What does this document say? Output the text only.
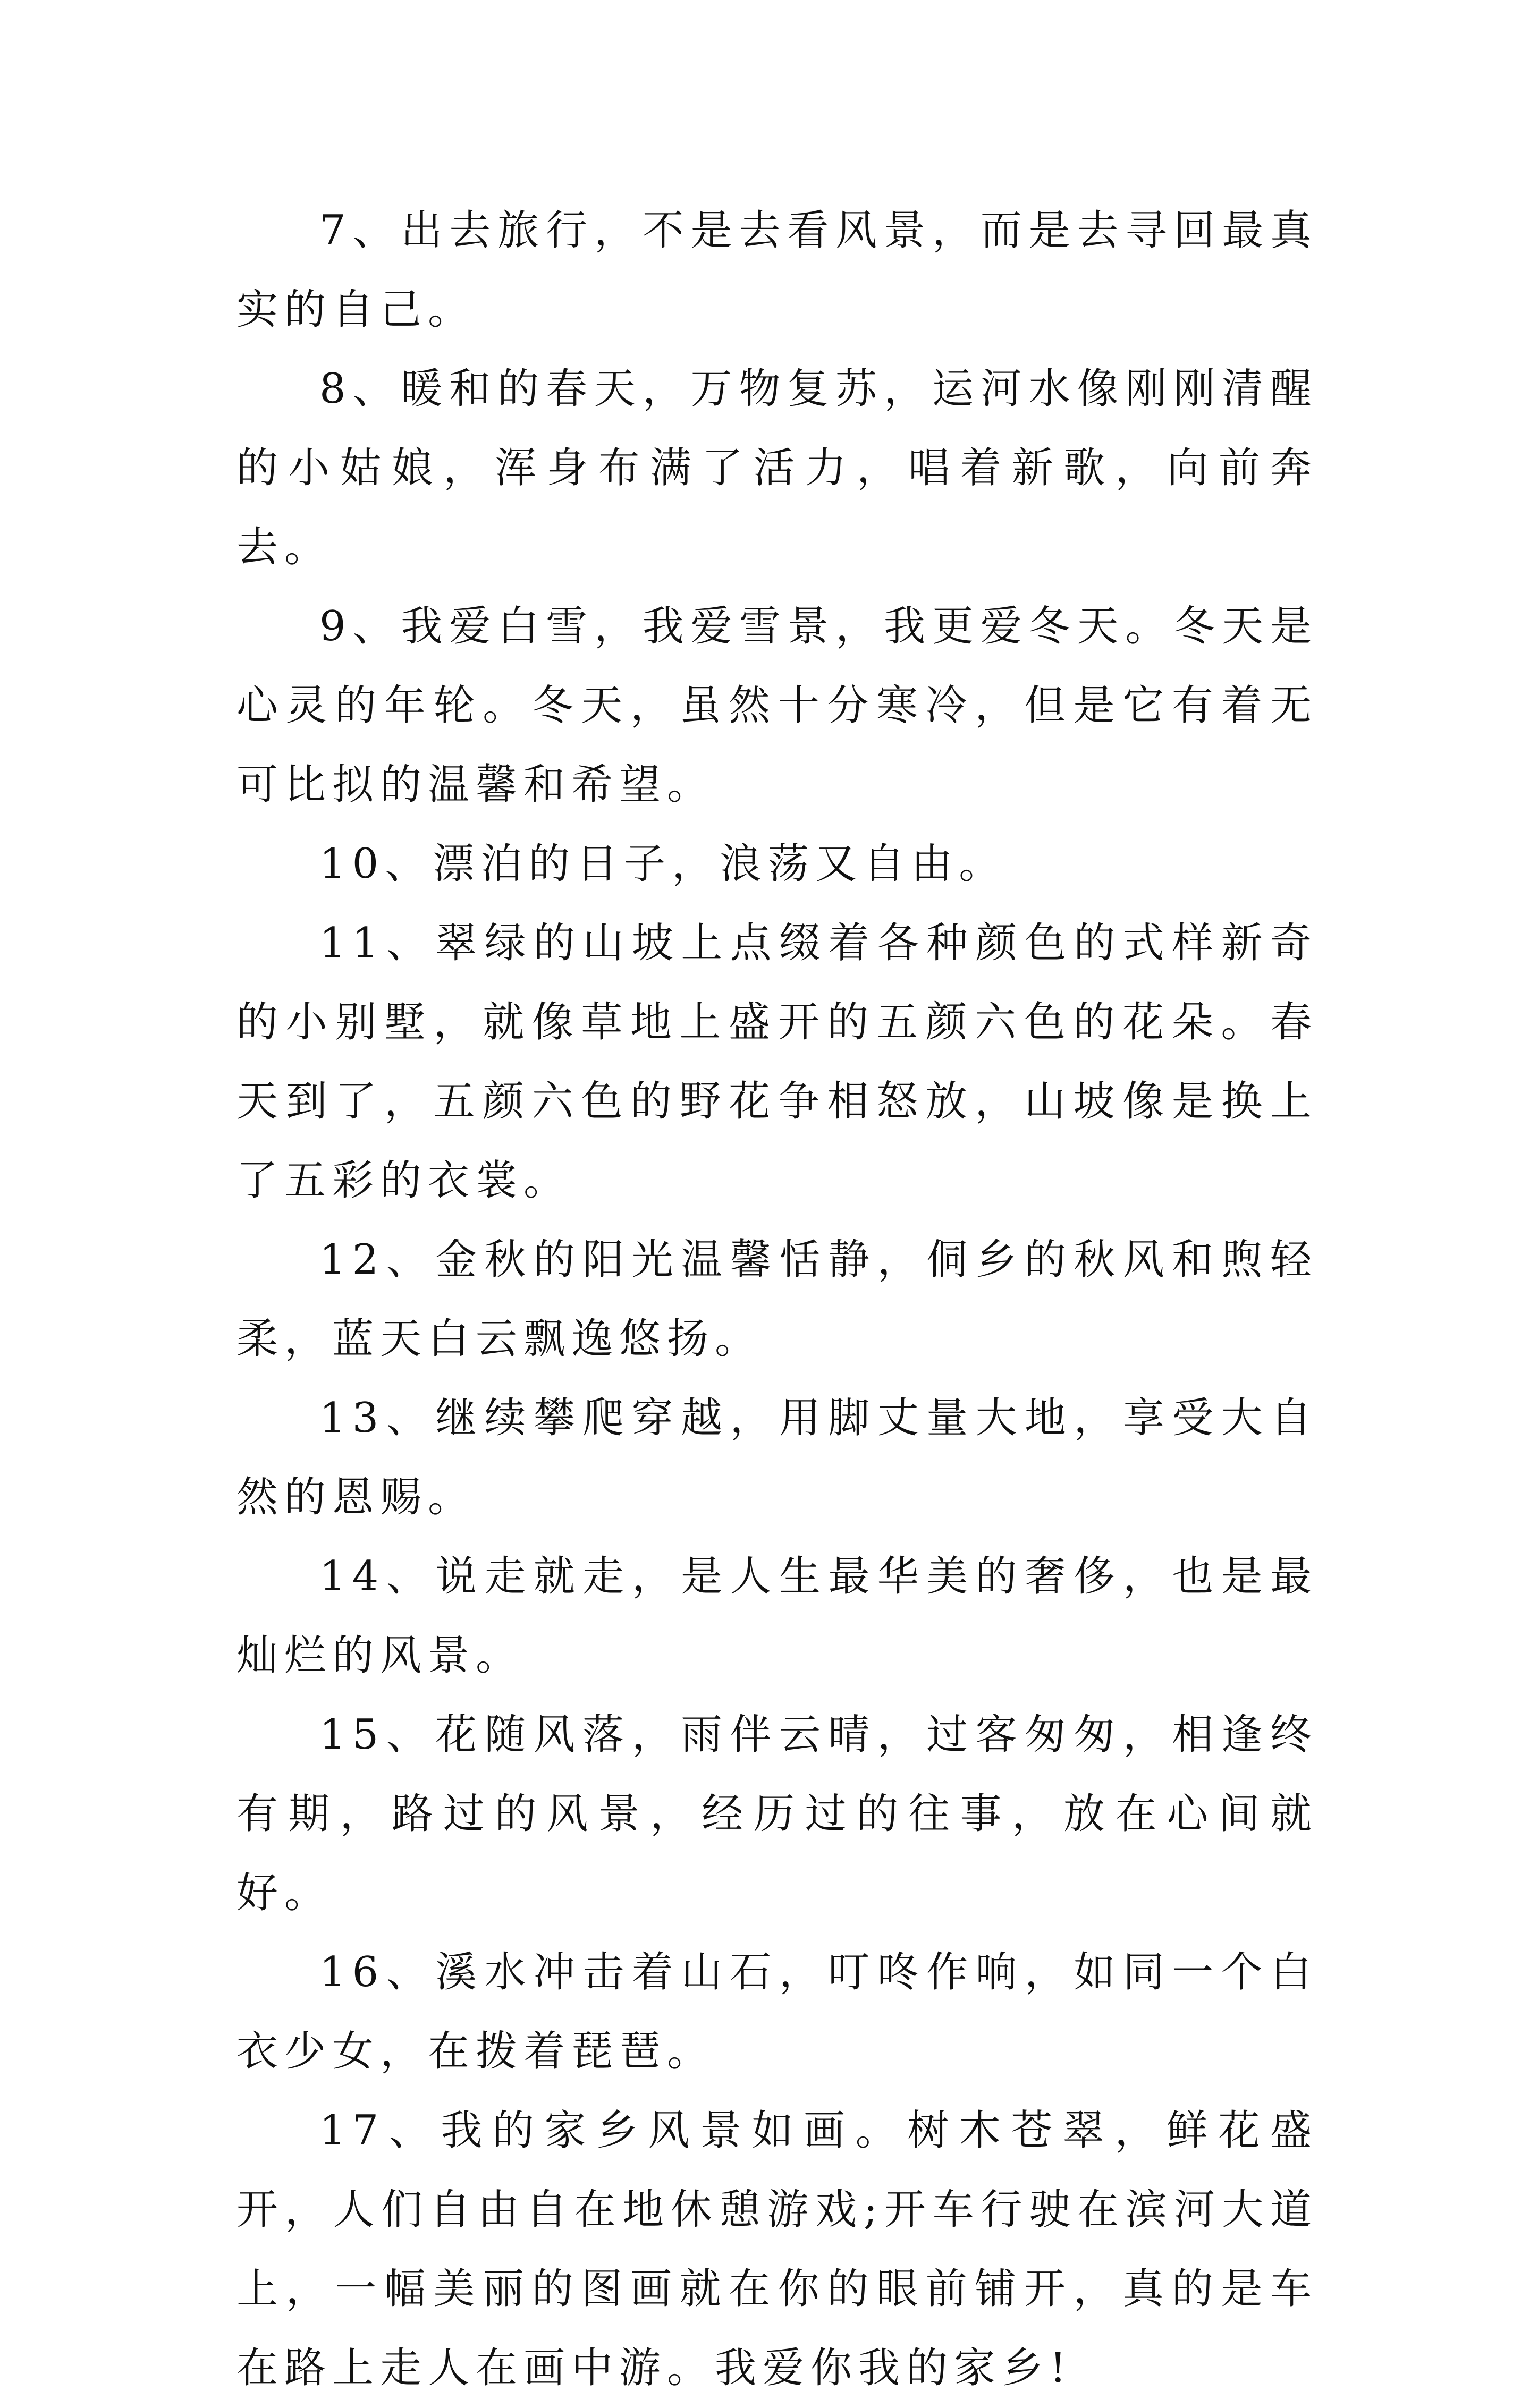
7、出去旅行，不是去看风景，而是去寻回最真实的自己。

8、暖和的春天，万物复苏，运河水像刚刚清醒的小姑娘，浑身布满了活力，唱着新歌，向前奔去。

9、我爱白雪，我爱雪景，我更爱冬天。冬天是心灵的年轮。冬天，虽然十分寒冷，但是它有着无可比拟的温馨和希望。

10、漂泊的日子，浪荡又自由。

11、翠绿的山坡上点缀着各种颜色的式样新奇的小别墅，就像草地上盛开的五颜六色的花朵。春天到了，五颜六色的野花争相怒放，山坡像是换上了五彩的衣裳。

12、金秋的阳光温馨恬静，侗乡的秋风和煦轻柔，蓝天白云飘逸悠扬。

13、继续攀爬穿越，用脚丈量大地，享受大自然的恩赐。

14、说走就走，是人生最华美的奢侈，也是最灿烂的风景。

15、花随风落，雨伴云晴，过客匆匆，相逢终有期，路过的风景，经历过的往事，放在心间就好。

16、溪水冲击着山石，叮咚作响，如同一个白衣少女，在拨着琵琶。

17、我的家乡风景如画。树木苍翠，鲜花盛开，人们自由自在地休憩游戏;开车行驶在滨河大道上，一幅美丽的图画就在你的眼前铺开，真的是车在路上走人在画中游。我爱你我的家乡!
